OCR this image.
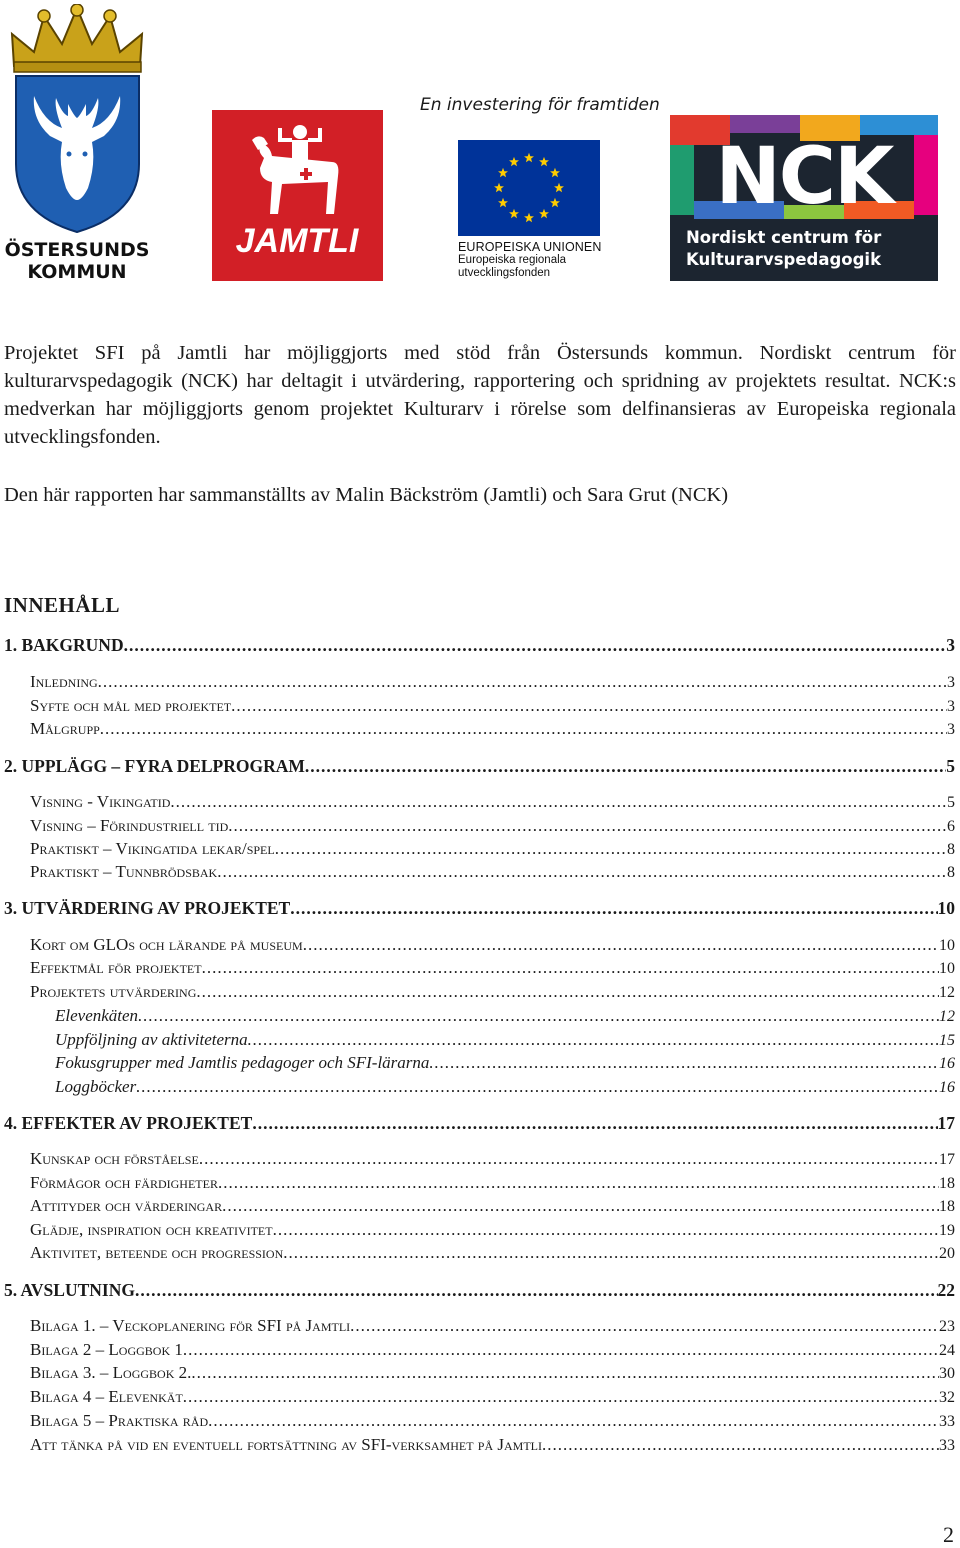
ÖSTERSUNDS
KOMMUN
JAMTLI
En investering för framtiden
EUROPEISKA UNIONEN
Europeiska regionala
utvecklingsfonden
NCK
Nordiskt centrum för
Kulturarvspedagogik
Projektet SFI på Jamtli har möjliggjorts med stöd från Östersunds kommun. Nordiskt centrum för kulturarvspedagogik (NCK) har deltagit i utvärdering, rapportering och spridning av projektets resultat. NCK:s medverkan har möjliggjorts genom projektet Kulturarv i rörelse som delfinansieras av Europeiska regionala utvecklingsfonden.
Den här rapporten har sammanställts av Malin Bäckström (Jamtli) och Sara Grut (NCK)
INNEHÅLL
1. BAKGRUND .....	3
Inledning .....	3
Syfte och mål med projektet .....	3
Målgrupp .....	3
2. UPPLÄGG – FYRA DELPROGRAM .....	5
Visning - Vikingatid .....	5
Visning – Förindustriell tid .....	6
Praktiskt – Vikingatida lekar/spel .....	8
Praktiskt – Tunnbrödsbak .....	8
3. UTVÄRDERING AV PROJEKTET .....	10
Kort om GLOs och lärande på museum .....	10
Effektmål för projektet .....	10
Projektets utvärdering .....	12
Elevenkäten .....	12
Uppföljning av aktiviteterna .....	15
Fokusgrupper med Jamtlis pedagoger och SFI-lärarna .....	16
Loggböcker .....	16
4. EFFEKTER AV PROJEKTET .....	17
Kunskap och förståelse .....	17
Förmågor och färdigheter .....	18
Attityder och värderingar .....	18
Glädje, inspiration och kreativitet .....	19
Aktivitet, beteende och progression .....	20
5. AVSLUTNING .....	22
Bilaga 1. – Veckoplanering för SFI på Jamtli .....	23
Bilaga 2 – Loggbok 1 .....	24
Bilaga 3. – Loggbok 2. .....	30
Bilaga 4 – Elevenkät .....	32
Bilaga 5 – Praktiska råd .....	33
Att tänka på vid en eventuell fortsättning av SFI-verksamhet på Jamtli .....	33
2
